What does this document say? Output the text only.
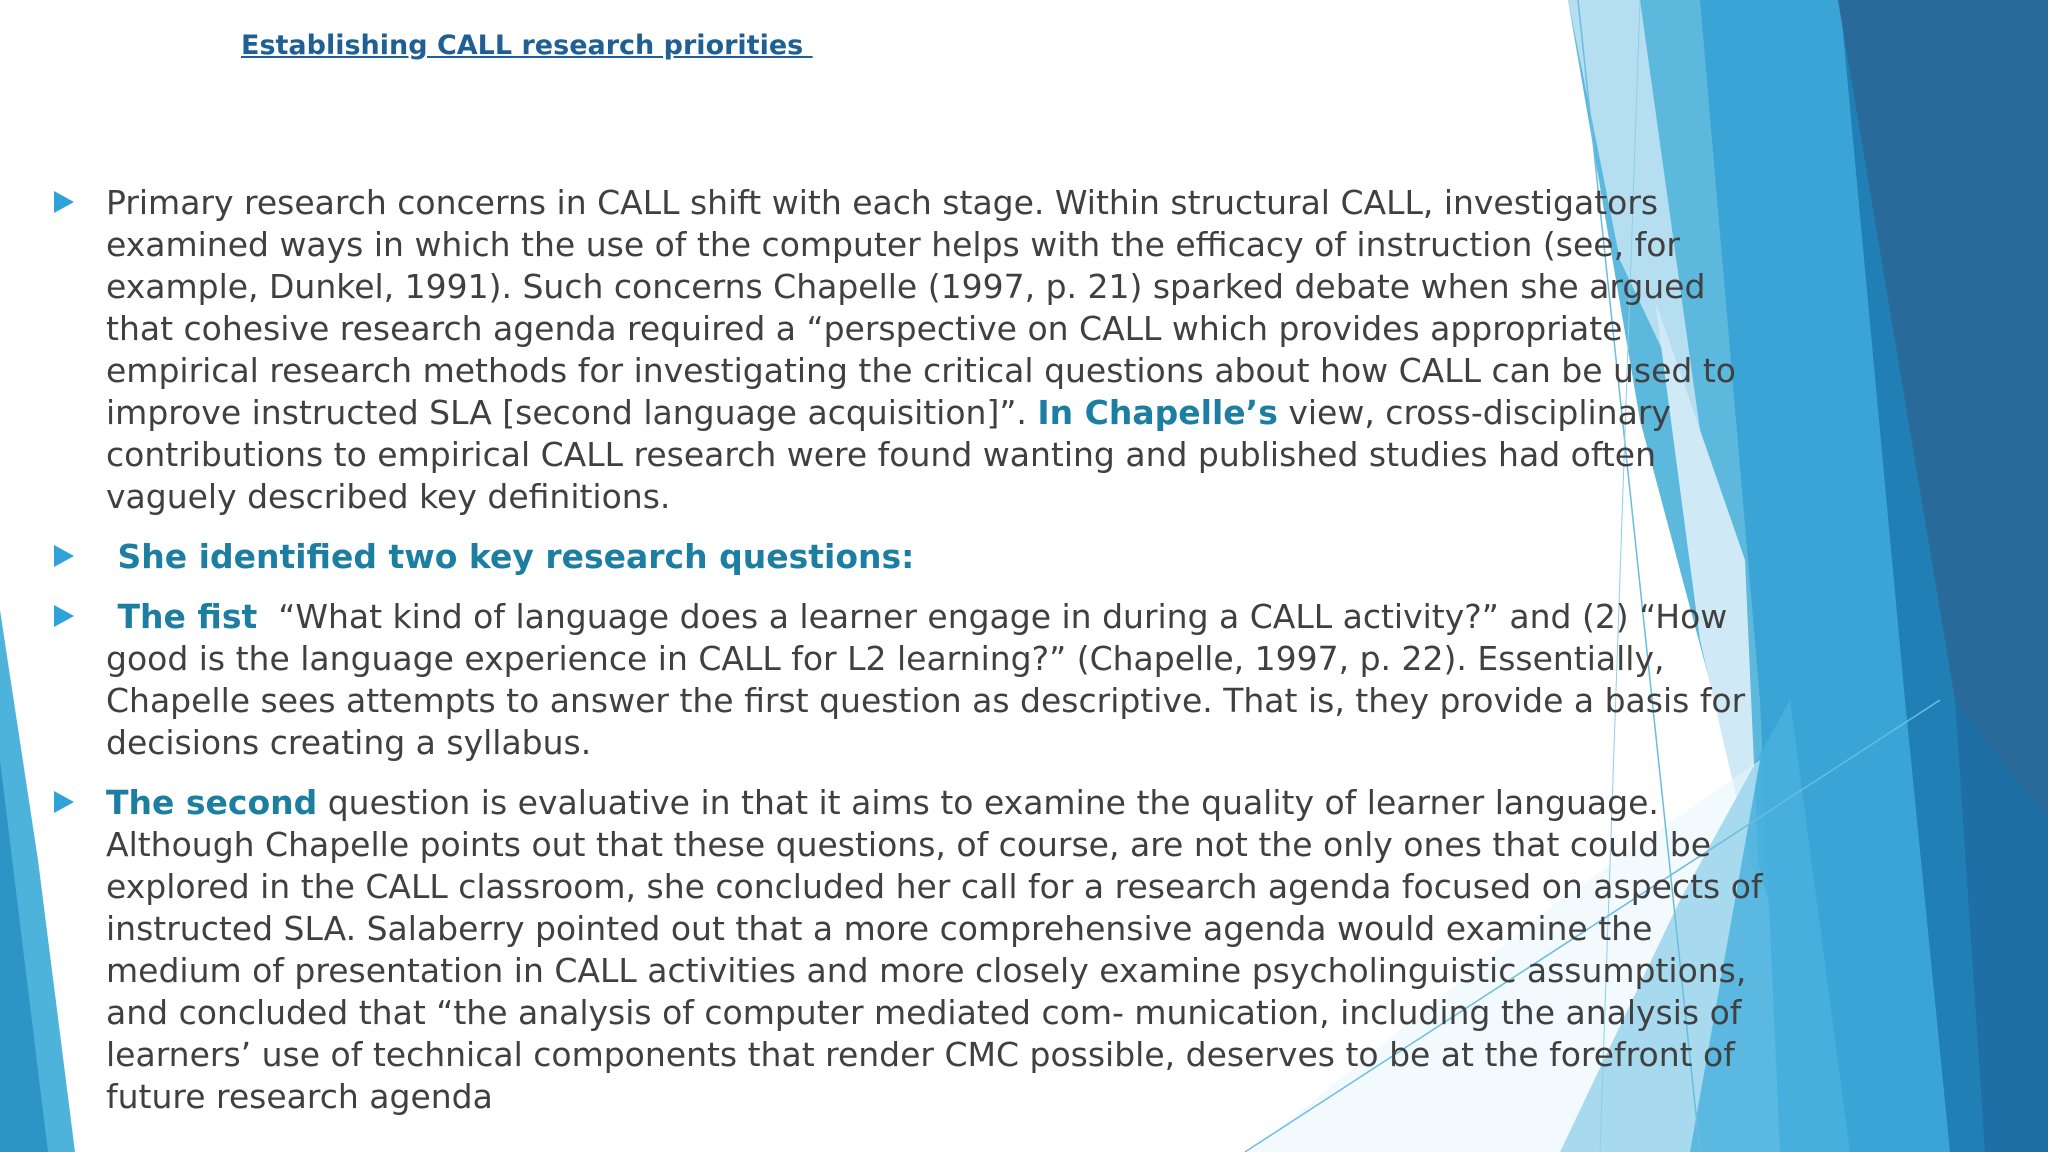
Establishing CALL research priorities
Primary research concerns in CALL shift with each stage. Within structural CALL, investigators examined ways in which the use of the computer helps with the efficacy of instruction (see, for example, Dunkel, 1991). Such concerns Chapelle (1997, p. 21) sparked debate when she argued that cohesive research agenda required a “perspective on CALL which provides appropriate empirical research methods for investigating the critical questions about how CALL can be used to improve instructed SLA [second language acquisition]”. In Chapelle’s view, cross-disciplinary contributions to empirical CALL research were found wanting and published studies had often vaguely described key definitions.
She identified two key research questions:
The fist  “What kind of language does a learner engage in during a CALL activity?” and (2) “How good is the language experience in CALL for L2 learning?” (Chapelle, 1997, p. 22). Essentially, Chapelle sees attempts to answer the first question as descriptive. That is, they provide a basis for decisions creating a syllabus.
The second question is evaluative in that it aims to examine the quality of learner language. Although Chapelle points out that these questions, of course, are not the only ones that could be explored in the CALL classroom, she concluded her call for a research agenda focused on aspects of instructed SLA. Salaberry pointed out that a more comprehensive agenda would examine the medium of presentation in CALL activities and more closely examine psycholinguistic assumptions, and concluded that “the analysis of computer mediated com- munication, including the analysis of learners’ use of technical components that render CMC possible, deserves to be at the forefront of future research agenda
